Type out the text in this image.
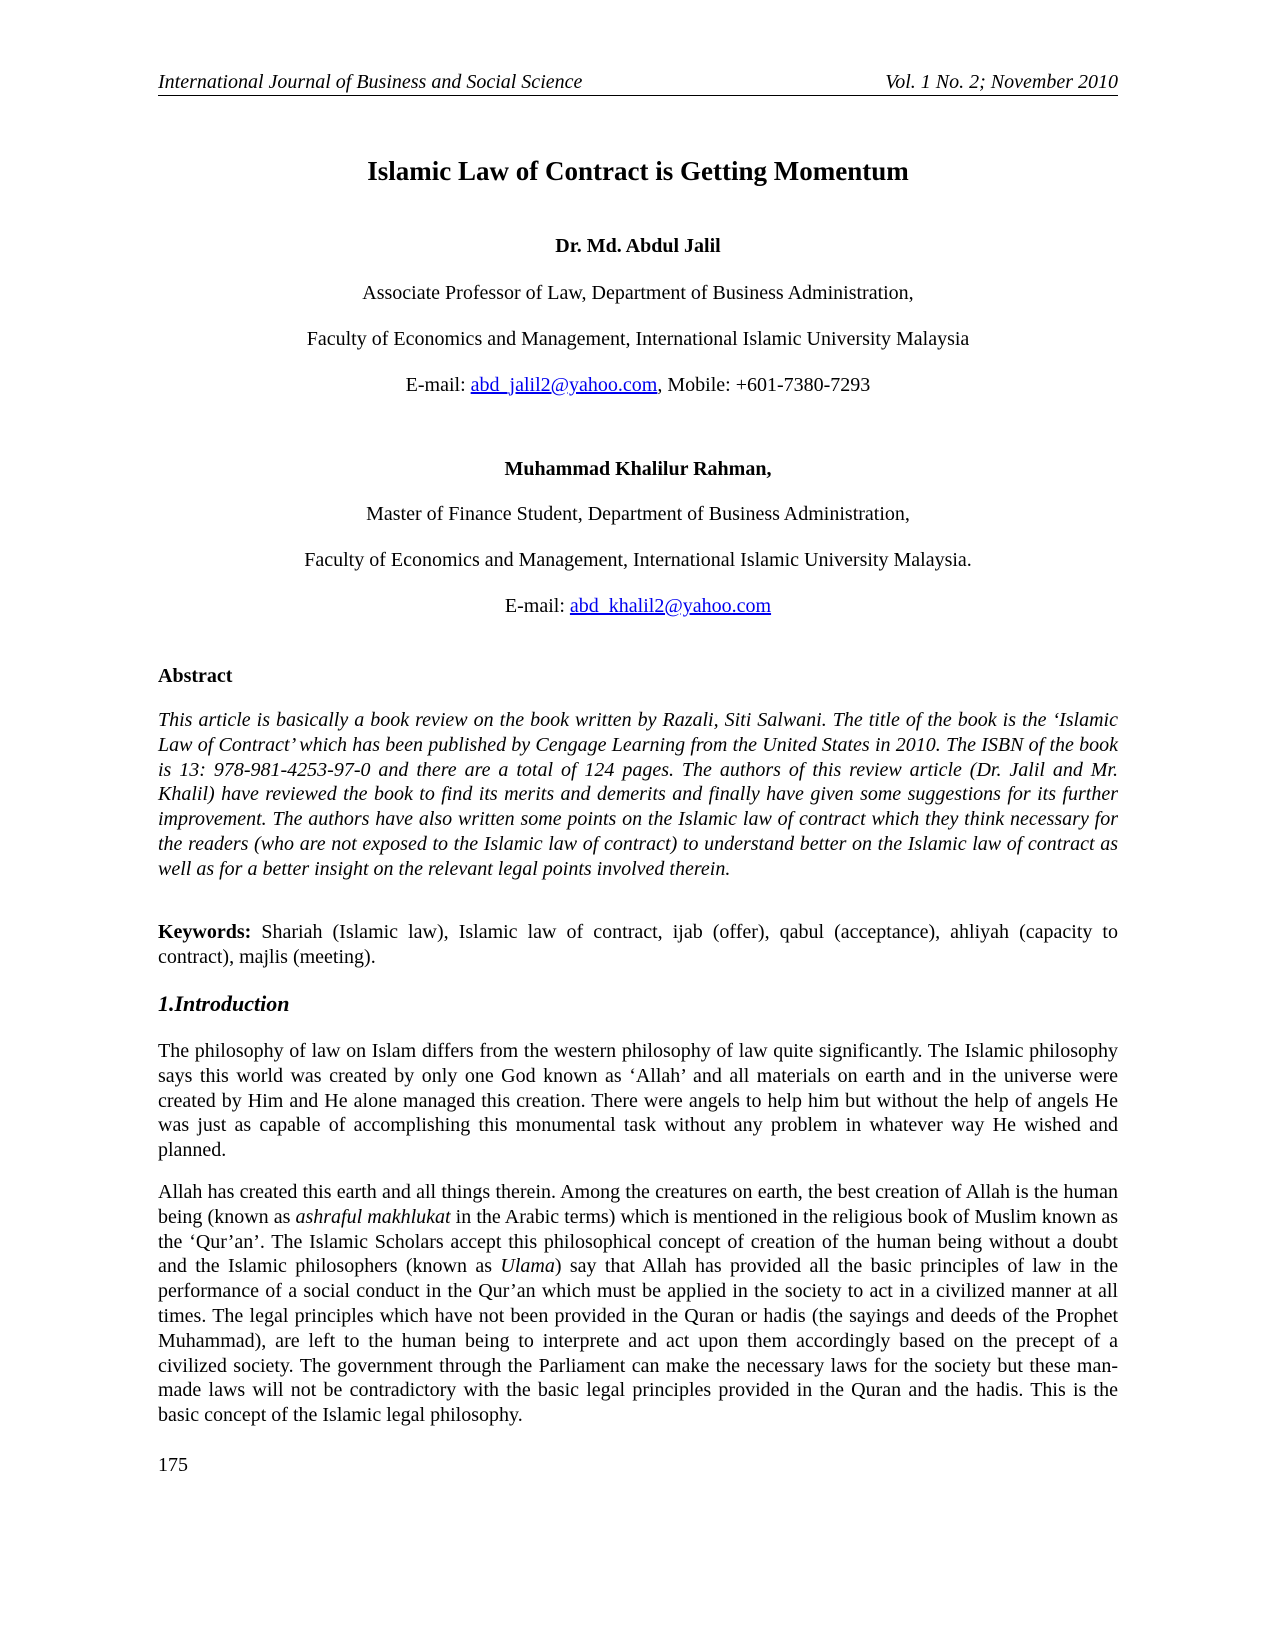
International Journal of Business and Social Science	Vol. 1 No. 2; November 2010
Islamic Law of Contract is Getting Momentum
Dr. Md. Abdul Jalil
Associate Professor of Law, Department of Business Administration,
Faculty of Economics and Management, International Islamic University Malaysia
E-mail: abd_jalil2@yahoo.com, Mobile: +601-7380-7293
Muhammad Khalilur Rahman,
Master of Finance Student, Department of Business Administration,
Faculty of Economics and Management, International Islamic University Malaysia.
E-mail: abd_khalil2@yahoo.com
Abstract

This article is basically a book review on the book written by Razali, Siti Salwani. The title of the book is the ‘Islamic Law of Contract’ which has been published by Cengage Learning from the United States in 2010. The ISBN of the book is 13: 978-981-4253-97-0 and there are a total of 124 pages. The authors of this review article (Dr. Jalil and Mr. Khalil) have reviewed the book to find its merits and demerits and finally have given some suggestions for its further improvement. The authors have also written some points on the Islamic law of contract which they think necessary for the readers (who are not exposed to the Islamic law of contract) to understand better on the Islamic law of contract as well as for a better insight on the relevant legal points involved therein.

Keywords: Shariah (Islamic law), Islamic law of contract, ijab (offer), qabul (acceptance), ahliyah (capacity to contract), majlis (meeting).

1.Introduction

The philosophy of law on Islam differs from the western philosophy of law quite significantly. The Islamic philosophy says this world was created by only one God known as ‘Allah’ and all materials on earth and in the universe were created by Him and He alone managed this creation. There were angels to help him but without the help of angels He was just as capable of accomplishing this monumental task without any problem in whatever way He wished and planned.

Allah has created this earth and all things therein. Among the creatures on earth, the best creation of Allah is the human being (known as ashraful makhlukat in the Arabic terms) which is mentioned in the religious book of Muslim known as the ‘Qur’an’. The Islamic Scholars accept this philosophical concept of creation of the human being without a doubt and the Islamic philosophers (known as Ulama) say that Allah has provided all the basic principles of law in the performance of a social conduct in the Qur’an which must be applied in the society to act in a civilized manner at all times. The legal principles which have not been provided in the Quran or hadis (the sayings and deeds of the Prophet Muhammad), are left to the human being to interprete and act upon them accordingly based on the precept of a civilized society. The government through the Parliament can make the necessary laws for the society but these man-made laws will not be contradictory with the basic legal principles provided in the Quran and the hadis. This is the basic concept of the Islamic legal philosophy.

175
